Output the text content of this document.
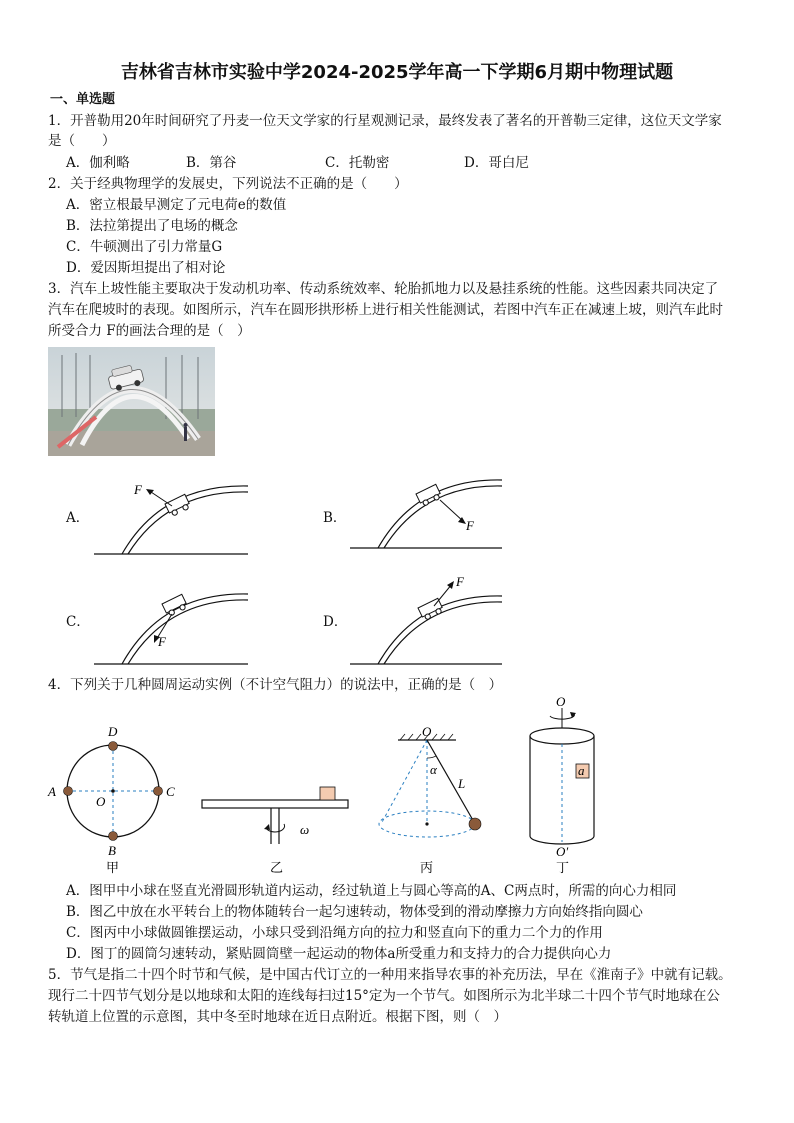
吉林省吉林市实验中学2024-2025学年高一下学期6月期中物理试题
一、单选题
1．开普勒用20年时间研究了丹麦一位天文学家的行星观测记录，最终发表了著名的开普勒三定律，这位天文学家
是（　　）
A．伽利略	B．第谷	C．托勒密	D．哥白尼
2．关于经典物理学的发展史，下列说法不正确的是（　　）
A．密立根最早测定了元电荷e的数值
B．法拉第提出了电场的概念
C．牛顿测出了引力常量G
D．爱因斯坦提出了相对论
3．汽车上坡性能主要取决于发动机功率、传动系统效率、轮胎抓地力以及悬挂系统的性能。这些因素共同决定了
汽车在爬坡时的表现。如图所示，汽车在圆形拱形桥上进行相关性能测试，若图中汽车正在减速上坡，则汽车此时
所受合力 F的画法合理的是（　）
A．
F
B．	F
C．
F
D．
F
4．下列关于几种圆周运动实例（不计空气阻力）的说法中，正确的是（　）
D
B
A	C
O
甲
ω
乙
O
α
L
丙
O
a
O′
丁
A．图甲中小球在竖直光滑圆形轨道内运动，经过轨道上与圆心等高的A、C两点时，所需的向心力相同
B．图乙中放在水平转台上的物体随转台一起匀速转动，物体受到的滑动摩擦力方向始终指向圆心
C．图丙中小球做圆锥摆运动，小球只受到沿绳方向的拉力和竖直向下的重力二个力的作用
D．图丁的圆筒匀速转动，紧贴圆筒壁一起运动的物体a所受重力和支持力的合力提供向心力
5．节气是指二十四个时节和气候，是中国古代订立的一种用来指导农事的补充历法，早在《淮南子》中就有记载。
现行二十四节气划分是以地球和太阳的连线每扫过15°定为一个节气。如图所示为北半球二十四个节气时地球在公
转轨道上位置的示意图，其中冬至时地球在近日点附近。根据下图，则（　）
